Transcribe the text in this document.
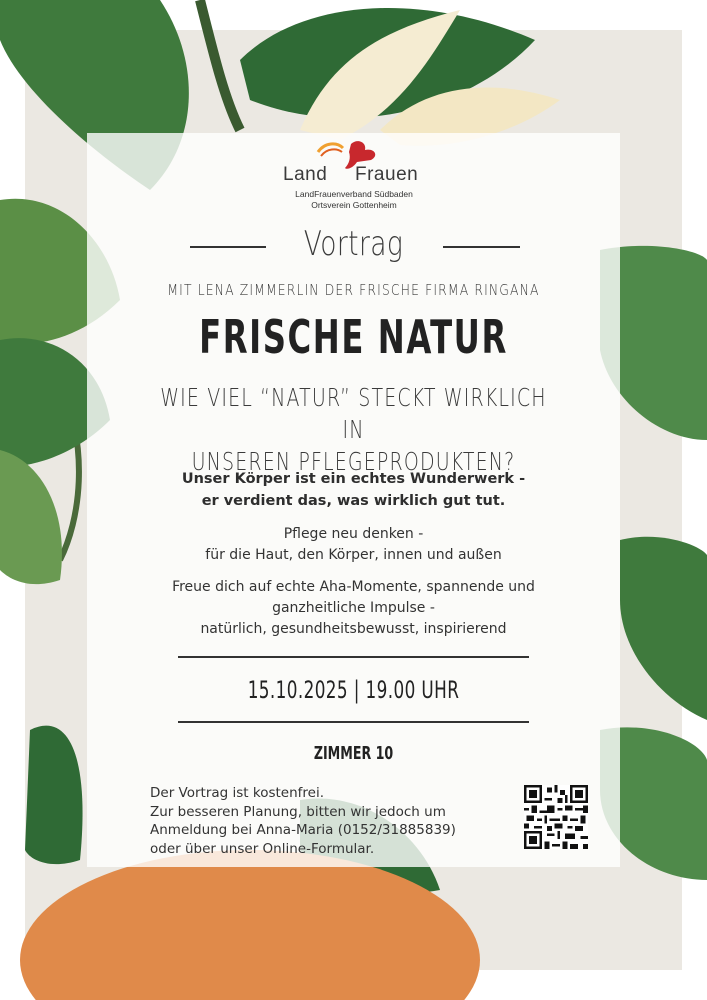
Land Frauen
LandFrauenverband Südbaden
Ortsverein Gottenheim
Vortrag
MIT LENA ZIMMERLIN DER FRISCHE FIRMA RINGANA
FRISCHE NATUR
WIE VIEL “NATUR” STECKT WIRKLICH IN
UNSEREN PFLEGEPRODUKTEN?
Unser Körper ist ein echtes Wunderwerk -
er verdient das, was wirklich gut tut.
Pflege neu denken -
für die Haut, den Körper, innen und außen
Freue dich auf echte Aha-Momente, spannende und
ganzheitliche Impulse -
natürlich, gesundheitsbewusst, inspirierend
15.10.2025 | 19.00 UHR
ZIMMER 10
Der Vortrag ist kostenfrei.
Zur besseren Planung, bitten wir jedoch um
Anmeldung bei Anna-Maria (0152/31885839)
oder über unser Online-Formular.
